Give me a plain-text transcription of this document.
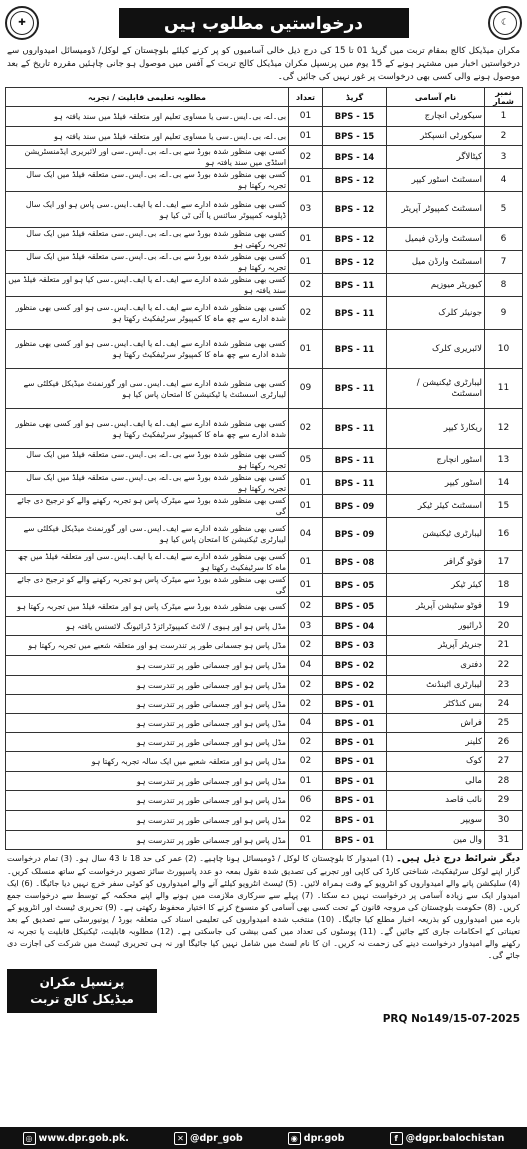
✚	درخواستیں مطلوب ہیں	☾
مکران میڈیکل کالج بمقام تربت میں گریڈ 01 تا 15 کی درج ذیل خالی آسامیوں کو پر کرنے کیلئے بلوچستان کے لوکل/ ڈومیسائل امیدواروں سے درخواستیں اخبار میں مشتہر ہونے کے 15 یوم میں پرنسپل مکران میڈیکل کالج تربت کے آفس میں موصول ہو جانی چاہئیں مقررہ تاریخ کے بعد موصول ہونے والی کسی بھی درخواست پر غور نہیں کی جائیں گی۔
نمبر شمار	نام آسامی	گریڈ	تعداد	مطلوبہ تعلیمی قابلیت / تجربہ
1	سیکورٹی انچارج	BPS - 15	01	بی۔اے، بی۔ایس۔سی یا مساوی تعلیم اور متعلقہ فیلڈ میں سند یافتہ ہو
2	سیکورٹی انسپکٹر	BPS - 15	01	بی۔اے، بی۔ایس۔سی یا مساوی تعلیم اور متعلقہ فیلڈ میں سند یافتہ ہو
3	کیٹالاگر	BPS - 14	02	کسی بھی منظور شدہ بورڈ سے بی۔اے، بی۔ایس۔سی اور لائبریری ایڈمنسٹریشن اسٹڈی میں سند یافتہ ہو
4	اسسٹنٹ اسٹور کیپر	BPS - 12	01	کسی بھی منظور شدہ بورڈ سے بی۔اے، بی۔ایس۔سی متعلقہ فیلڈ میں ایک سال تجربہ رکھتا ہو
5	اسسٹنٹ کمپیوٹر آپریٹر	BPS - 12	03	کسی بھی منظور شدہ ادارے سے ایف۔اے یا ایف۔ایس۔سی پاس ہو اور ایک سال ڈپلومہ کمپیوٹر سائنس یا آئی ٹی کیا ہو
6	اسسٹنٹ وارڈن فیمیل	BPS - 12	01	کسی بھی منظور شدہ بورڈ سے بی۔اے، بی۔ایس۔سی متعلقہ فیلڈ میں ایک سال تجربہ رکھتی ہو
7	اسسٹنٹ وارڈن میل	BPS - 12	01	کسی بھی منظور شدہ بورڈ سے بی۔اے، بی۔ایس۔سی متعلقہ فیلڈ میں ایک سال تجربہ رکھتا ہو
8	کیوریٹر میوزیم	BPS - 11	02	کسی بھی منظور شدہ ادارے سے ایف۔اے یا ایف۔ایس۔سی کیا ہو اور متعلقہ فیلڈ میں سند یافتہ ہو
9	جونیئر کلرک	BPS - 11	02	کسی بھی منظور شدہ ادارے سے ایف۔اے یا ایف۔ایس۔سی ہو اور کسی بھی منظور شدہ ادارے سے چھ ماہ کا کمپیوٹر سرٹیفکیٹ رکھتا ہو
10	لائبریری کلرک	BPS - 11	01	کسی بھی منظور شدہ ادارے سے ایف۔اے یا ایف۔ایس۔سی ہو اور کسی بھی منظور شدہ ادارے سے چھ ماہ کا کمپیوٹر سرٹیفکیٹ رکھتا ہو
11	لیبارٹری ٹیکنیشن / اسسٹنٹ	BPS - 11	09	کسی بھی منظور شدہ ادارے سے ایف۔ایس۔سی اور گورنمنٹ میڈیکل فیکلٹی سے لیبارٹری اسسٹنٹ یا ٹیکنیشن کا امتحان پاس کیا ہو
12	ریکارڈ کیپر	BPS - 11	02	کسی بھی منظور شدہ ادارے سے ایف۔اے یا ایف۔ایس۔سی ہو اور کسی بھی منظور شدہ ادارے سے چھ ماہ کا کمپیوٹر سرٹیفکیٹ رکھتا ہو
13	اسٹور انچارج	BPS - 11	05	کسی بھی منظور شدہ بورڈ سے بی۔اے، بی۔ایس۔سی متعلقہ فیلڈ میں ایک سال تجربہ رکھتا ہو
14	اسٹور کیپر	BPS - 11	01	کسی بھی منظور شدہ بورڈ سے بی۔اے، بی۔ایس۔سی متعلقہ فیلڈ میں ایک سال تجربہ رکھتا ہو
15	اسسٹنٹ کیئر ٹیکر	BPS - 09	01	کسی بھی منظور شدہ بورڈ سے میٹرک پاس ہو تجربہ رکھنے والے کو ترجیح دی جائے گی
16	لیبارٹری ٹیکنیشن	BPS - 09	04	کسی بھی منظور شدہ ادارے سے ایف۔ایس۔سی اور گورنمنٹ میڈیکل فیکلٹی سے لیبارٹری ٹیکنیشن کا امتحان پاس کیا ہو
17	فوٹو گرافر	BPS - 08	01	کسی بھی منظور شدہ ادارے سے ایف۔اے یا ایف۔ایس۔سی اور متعلقہ فیلڈ میں چھ ماہ کا سرٹیفکیٹ رکھتا ہو
18	کیئر ٹیکر	BPS - 05	01	کسی بھی منظور شدہ بورڈ سے میٹرک پاس ہو تجربہ رکھنے والے کو ترجیح دی جائے گی
19	فوٹو سٹیشن آپریٹر	BPS - 05	02	کسی بھی منظور شدہ بورڈ سے میٹرک پاس ہو اور متعلقہ فیلڈ میں تجربہ رکھتا ہو
20	ڈرائیور	BPS - 04	03	مڈل پاس ہو اور ہیوی / لائٹ کمپیوٹرائزڈ ڈرائیونگ لائسنس یافتہ ہو
21	جنریٹر آپریٹر	BPS - 03	02	مڈل پاس ہو جسمانی طور پر تندرست ہو اور متعلقہ شعبے میں تجربہ رکھتا ہو
22	دفتری	BPS - 02	04	مڈل پاس ہو اور جسمانی طور پر تندرست ہو
23	لیبارٹری اٹینڈنٹ	BPS - 02	02	مڈل پاس ہو اور جسمانی طور پر تندرست ہو
24	بس کنڈکٹر	BPS - 01	02	مڈل پاس ہو اور جسمانی طور پر تندرست ہو
25	فراش	BPS - 01	04	مڈل پاس ہو اور جسمانی طور پر تندرست ہو
26	کلینر	BPS - 01	02	مڈل پاس ہو اور جسمانی طور پر تندرست ہو
27	کوک	BPS - 01	02	مڈل پاس ہو اور متعلقہ شعبے میں ایک سالہ تجربہ رکھتا ہو
28	مالی	BPS - 01	01	مڈل پاس ہو اور جسمانی طور پر تندرست ہو
29	نائب قاصد	BPS - 01	06	مڈل پاس ہو اور جسمانی طور پر تندرست ہو
30	سویپر	BPS - 01	02	مڈل پاس ہو اور جسمانی طور پر تندرست ہو
31	وال مین	BPS - 01	01	مڈل پاس ہو اور جسمانی طور پر تندرست ہو
دیگر شرائط درج ذیل ہیں۔ (1) امیدوار کا بلوچستان کا لوکل / ڈومیسائل ہونا چاہیے۔ (2) عمر کی حد 18 تا 43 سال ہو۔ (3) تمام درخواست گزار اپنے لوکل سرٹیفکیٹ، شناختی کارڈ کی کاپی اور تجربے کی تصدیق شدہ نقول بمعہ دو عدد پاسپورٹ سائز تصویر درخواست کے ساتھ منسلک کریں۔ (4) سلیکشن پانے والے امیدواروں کو انٹرویو کے وقت ہمراہ لائیں۔ (5) ٹیسٹ انٹرویو کیلئے آنے والے امیدواروں کو کوئی سفر خرچ نہیں دیا جائیگا۔ (6) ایک امیدوار ایک سے زیادہ آسامی پر درخواست نہیں دے سکتا۔ (7) پہلے سے سرکاری ملازمت میں ہونے والے اپنے محکمہ کے توسط سے درخواست جمع کریں۔ (8) حکومت بلوچستان کی مروجہ قانون کے تحت کسی بھی آسامی کو منسوخ کرنے کا اختیار محفوظ رکھتی ہے۔ (9) تحریری ٹیسٹ اور انٹرویو کے بارے میں امیدواروں کو بذریعہ اخبار مطلع کیا جائیگا۔ (10) منتخب شدہ امیدواروں کی تعلیمی اسناد کی متعلقہ بورڈ / یونیورسٹی سے تصدیق کے بعد تعیناتی کے احکامات جاری کئے جائیں گے۔ (11) پوسٹوں کی تعداد میں کمی بیشی کی جاسکتی ہے۔ (12) مطلوبہ قابلیت، ٹیکنیکل قابلیت یا تجربہ نہ رکھنے والے امیدوار درخواست دینے کی زحمت نہ کریں۔ ان کا نام لسٹ میں شامل نہیں کیا جائیگا اور نہ ہی تحریری ٹیسٹ میں شرکت کی اجازت دی جائے گی۔
پرنسپل مکران
میڈیکل کالج تربت
PRQ No149/15-07-2025
◎ www.dpr.gob.pk.	✕ @dpr_gob	◉ dpr.gob	f @dgpr.balochistan
